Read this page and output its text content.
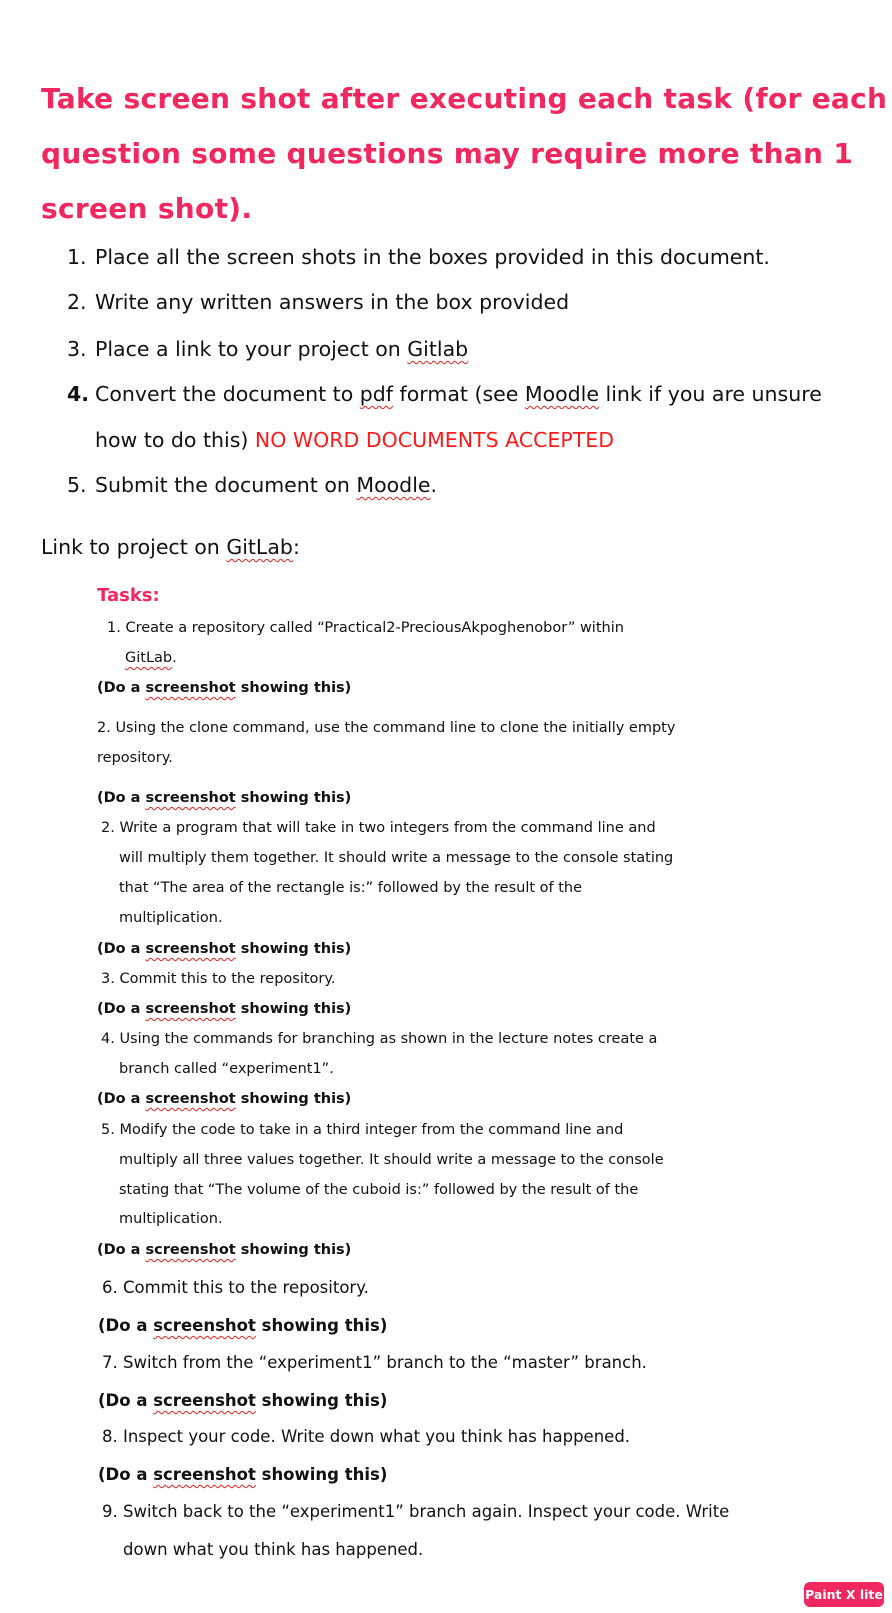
Take screen shot after executing each task (for each
question some questions may require more than 1
screen shot).
1. Place all the screen shots in the boxes provided in this document.
2. Write any written answers in the box provided
3. Place a link to your project on Gitlab
4. Convert the document to pdf format (see Moodle link if you are unsure
how to do this) NO WORD DOCUMENTS ACCEPTED
5. Submit the document on Moodle.
Link to project on GitLab:
Tasks:
1. Create a repository called “Practical2-PreciousAkpoghenobor” within
GitLab.
(Do a screenshot showing this)
2. Using the clone command, use the command line to clone the initially empty
repository.
(Do a screenshot showing this)
2. Write a program that will take in two integers from the command line and
will multiply them together. It should write a message to the console stating
that “The area of the rectangle is:” followed by the result of the
multiplication.
(Do a screenshot showing this)
3. Commit this to the repository.
(Do a screenshot showing this)
4. Using the commands for branching as shown in the lecture notes create a
branch called “experiment1”.
(Do a screenshot showing this)
5. Modify the code to take in a third integer from the command line and
multiply all three values together. It should write a message to the console
stating that “The volume of the cuboid is:” followed by the result of the
multiplication.
(Do a screenshot showing this)
6. Commit this to the repository.
(Do a screenshot showing this)
7. Switch from the “experiment1” branch to the “master” branch.
(Do a screenshot showing this)
8. Inspect your code. Write down what you think has happened.
(Do a screenshot showing this)
9. Switch back to the “experiment1” branch again. Inspect your code. Write
down what you think has happened.
Paint X lite
